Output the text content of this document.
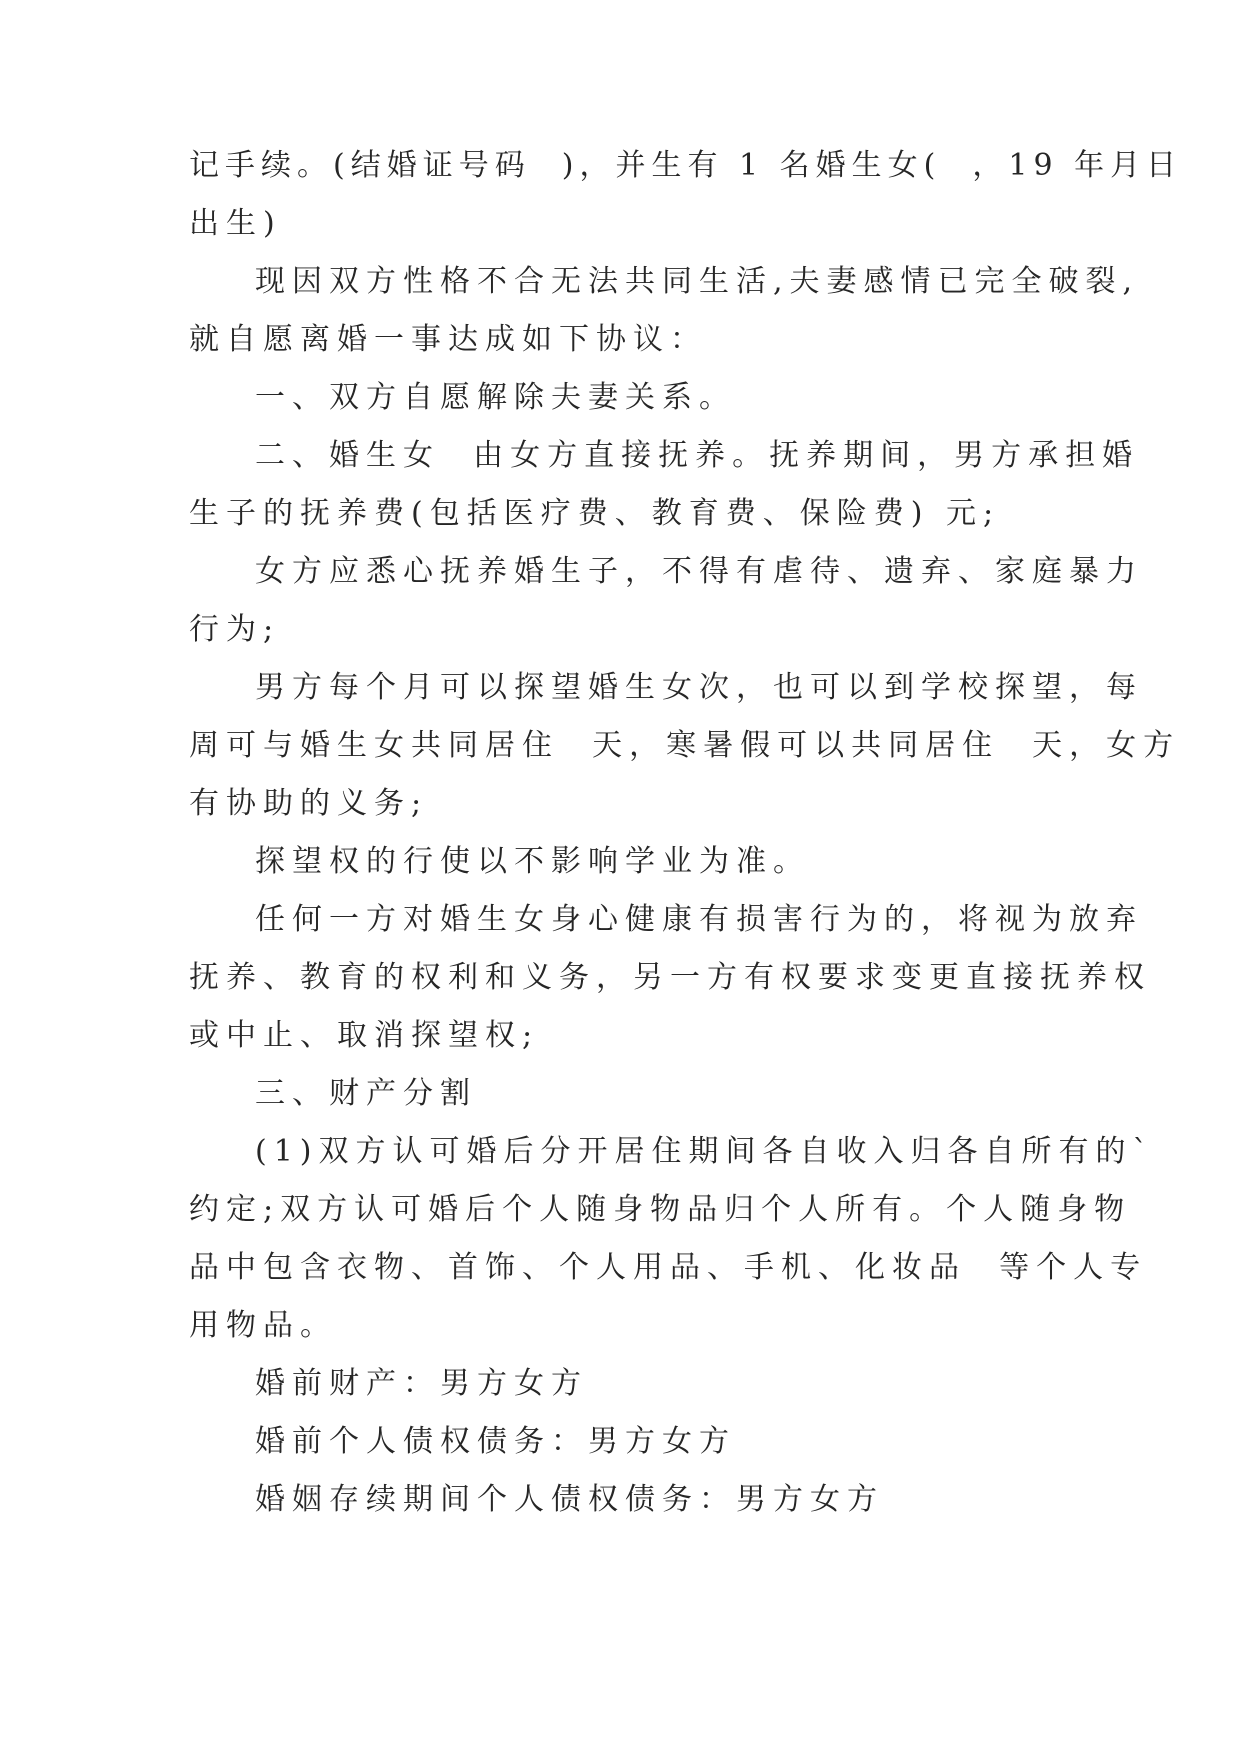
记手续。(结婚证号码  )，并生有 1 名婚生女(  ，19 年月日
出生)
现因双方性格不合无法共同生活,夫妻感情已完全破裂,
就自愿离婚一事达成如下协议：
一、双方自愿解除夫妻关系。
二、婚生女  由女方直接抚养。抚养期间，男方承担婚
生子的抚养费(包括医疗费、教育费、保险费) 元;
女方应悉心抚养婚生子，不得有虐待、遗弃、家庭暴力
行为;
男方每个月可以探望婚生女次，也可以到学校探望，每
周可与婚生女共同居住  天，寒暑假可以共同居住  天，女方
有协助的义务;
探望权的行使以不影响学业为准。
任何一方对婚生女身心健康有损害行为的，将视为放弃
抚养、教育的权利和义务，另一方有权要求变更直接抚养权
或中止、取消探望权;
三、财产分割
(1)双方认可婚后分开居住期间各自收入归各自所有的`
约定;双方认可婚后个人随身物品归个人所有。个人随身物
品中包含衣物、首饰、个人用品、手机、化妆品  等个人专
用物品。
婚前财产：男方女方
婚前个人债权债务：男方女方
婚姻存续期间个人债权债务：男方女方
